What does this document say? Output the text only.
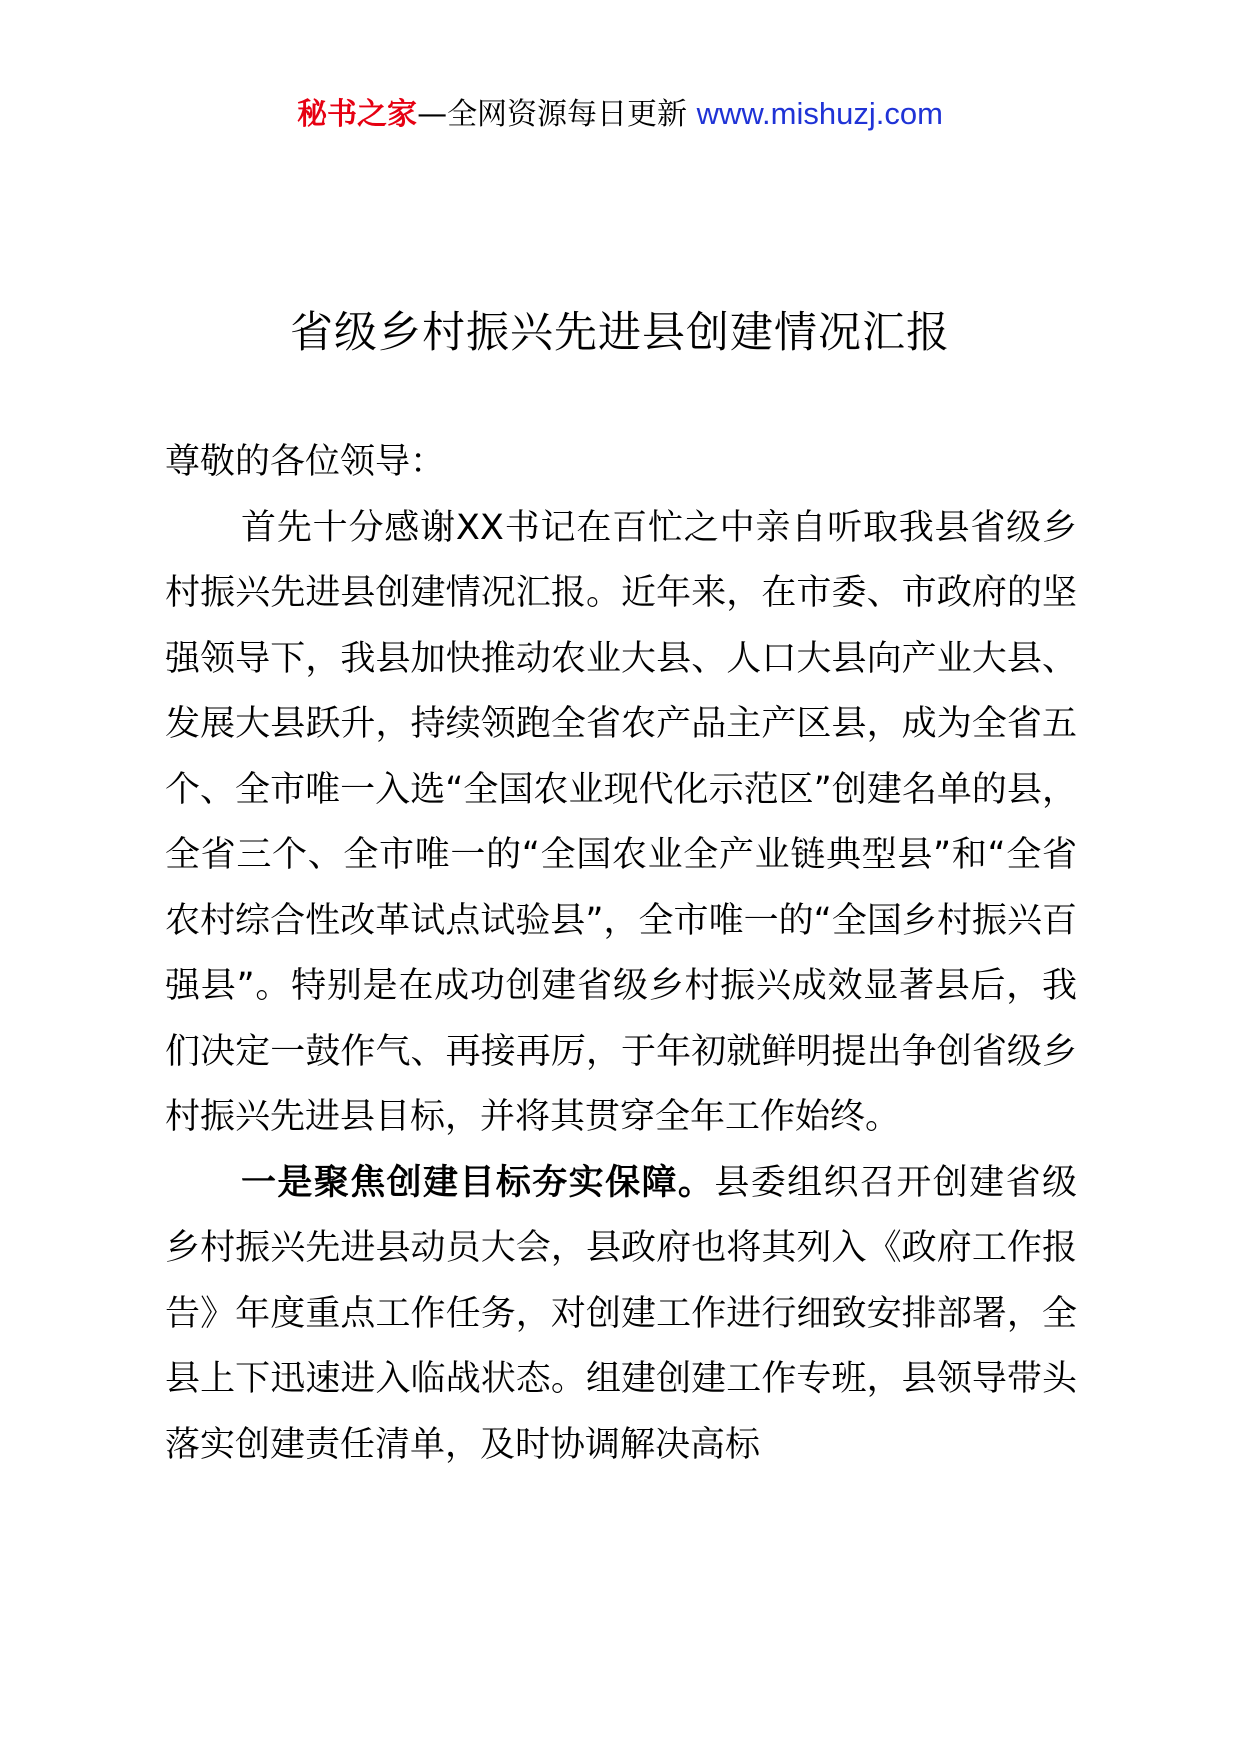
秘书之家—全网资源每日更新 www.mishuzj.com
省级乡村振兴先进县创建情况汇报

尊敬的各位领导：

首先十分感谢XX书记在百忙之中亲自听取我县省级乡村振兴先进县创建情况汇报。近年来，在市委、市政府的坚强领导下，我县加快推动农业大县、人口大县向产业大县、发展大县跃升，持续领跑全省农产品主产区县，成为全省五个、全市唯一入选“全国农业现代化示范区”创建名单的县，全省三个、全市唯一的“全国农业全产业链典型县”和“全省农村综合性改革试点试验县”，全市唯一的“全国乡村振兴百强县”。特别是在成功创建省级乡村振兴成效显著县后，我们决定一鼓作气、再接再厉，于年初就鲜明提出争创省级乡村振兴先进县目标，并将其贯穿全年工作始终。

一是聚焦创建目标夯实保障。县委组织召开创建省级乡村振兴先进县动员大会，县政府也将其列入《政府工作报告》年度重点工作任务，对创建工作进行细致安排部署，全县上下迅速进入临战状态。组建创建工作专班，县领导带头落实创建责任清单，及时协调解决高标
